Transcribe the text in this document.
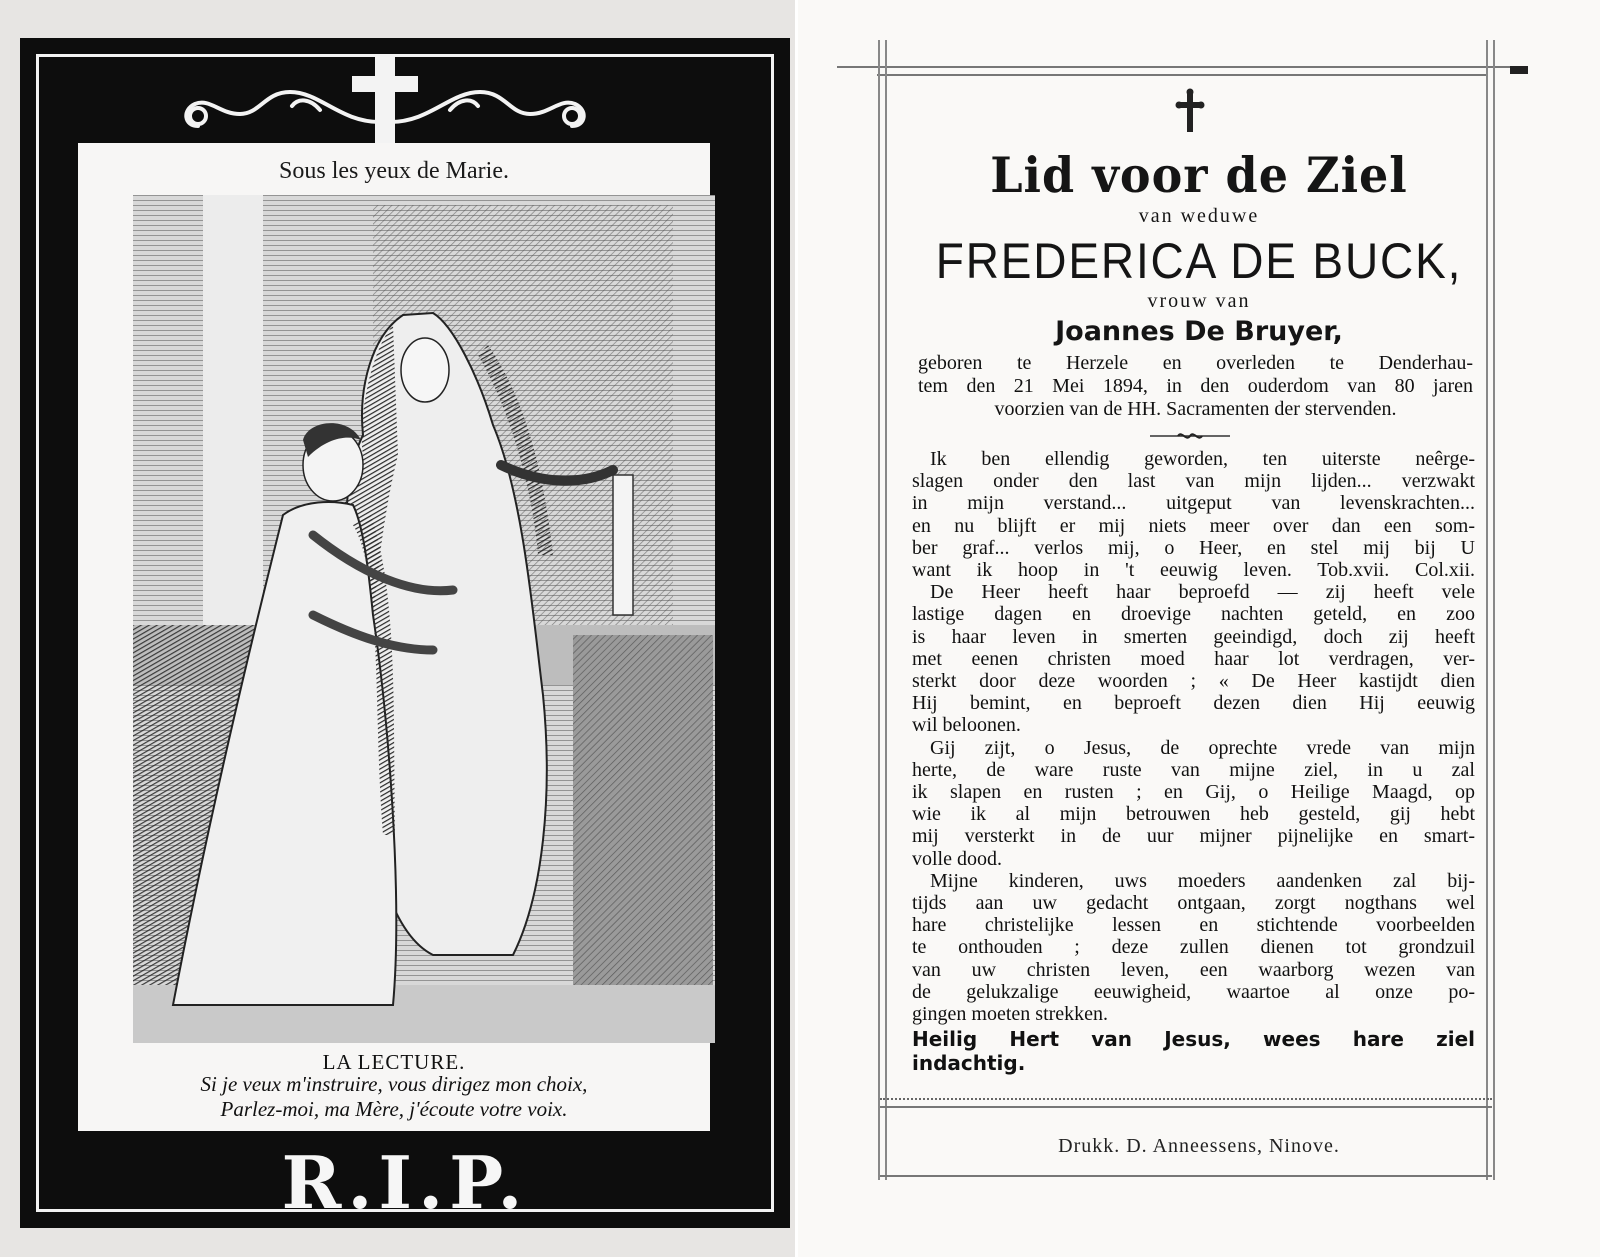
Sous les yeux de Marie.
LA LECTURE.
Si je veux m'instruire, vous dirigez mon choix,
Parlez-moi, ma Mère, j'écoute votre voix.
R.I.P.
Lid voor de Ziel
van weduwe
FREDERICA DE BUCK,
vrouw van
Joannes De Bruyer,
geboren te Herzele en overleden te Denderhau-
tem den 21 Mei 1894, in den ouderdom van 80 jaren
voorzien van de HH. Sacramenten der stervenden.
Ik ben ellendig geworden, ten uiterste neêrge-
slagen onder den last van mijn lijden... verzwakt
in mijn verstand... uitgeput van levenskrachten...
en nu blijft er mij niets meer over dan een som-
ber graf... verlos mij, o Heer, en stel mij bij U
want ik hoop in 't eeuwig leven. Tob.xvii. Col.xii.
De Heer heeft haar beproefd — zij heeft vele
lastige dagen en droevige nachten geteld, en zoo
is haar leven in smerten geeindigd, doch zij heeft
met eenen christen moed haar lot verdragen, ver-
sterkt door deze woorden ; « De Heer kastijdt dien
Hij bemint, en beproeft dezen dien Hij eeuwig
wil beloonen.
Gij zijt, o Jesus, de oprechte vrede van mijn
herte, de ware ruste van mijne ziel, in u zal
ik slapen en rusten ; en Gij, o Heilige Maagd, op
wie ik al mijn betrouwen heb gesteld, gij hebt
mij versterkt in de uur mijner pijnelijke en smart-
volle dood.
Mijne kinderen, uws moeders aandenken zal bij-
tijds aan uw gedacht ontgaan, zorgt nogthans wel
hare christelijke lessen en stichtende voorbeelden
te onthouden ; deze zullen dienen tot grondzuil
van uw christen leven, een waarborg wezen van
de gelukzalige eeuwigheid, waartoe al onze po-
gingen moeten strekken.
Heilig Hert van Jesus, wees hare ziel
indachtig.
Drukk. D. Anneessens, Ninove.
